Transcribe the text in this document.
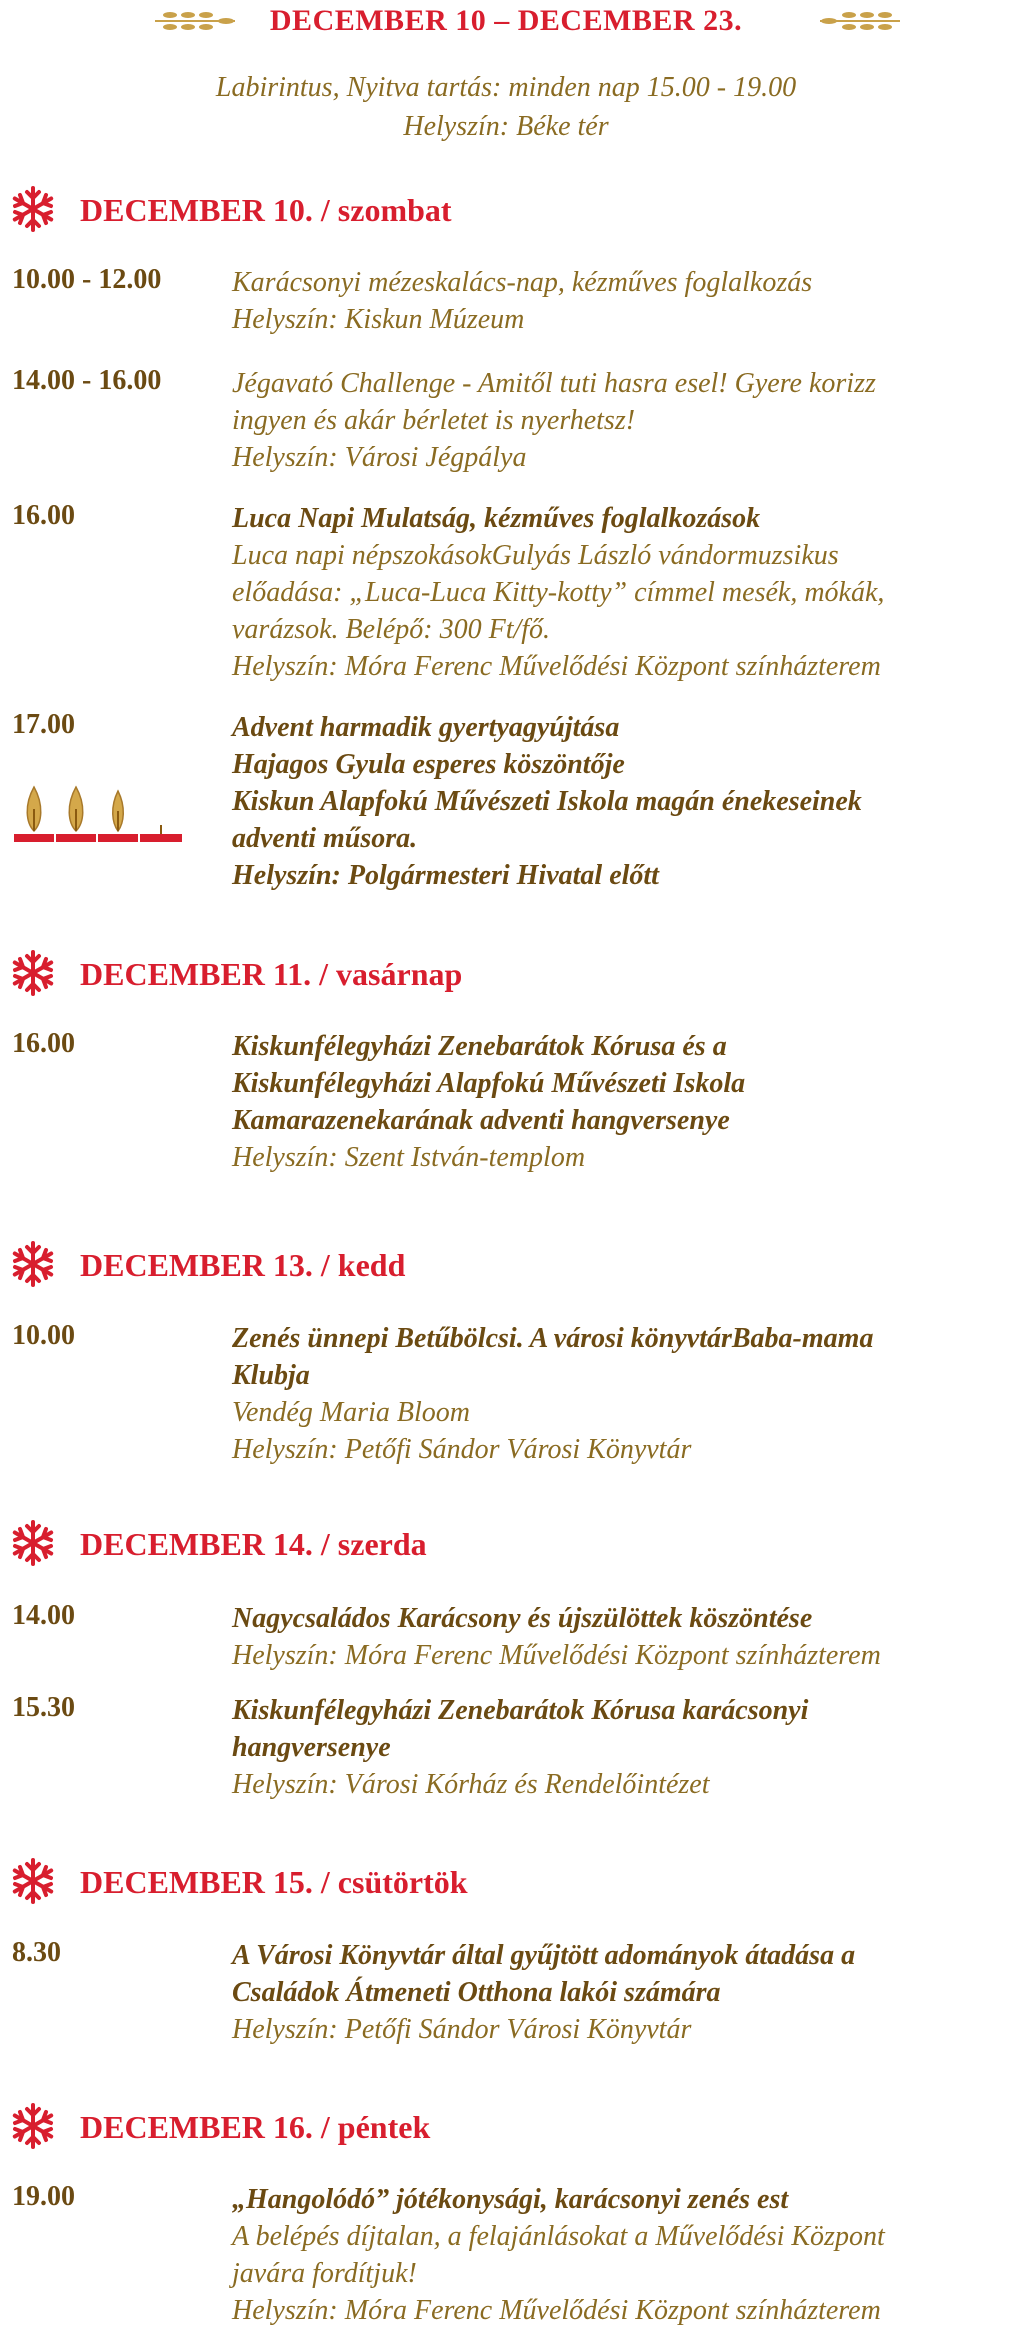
DECEMBER 10 – DECEMBER 23.
Labirintus, Nyitva tartás: minden nap 15.00 - 19.00
Helyszín: Béke tér
DECEMBER 10. / szombat
10.00 - 12.00	Karácsonyi mézeskalács-nap, kézműves foglalkozás
Helyszín: Kiskun Múzeum
14.00 - 16.00	Jégavató Challenge - Amitől tuti hasra esel! Gyere korizz
ingyen és akár bérletet is nyerhetsz!
Helyszín: Városi Jégpálya
16.00	Luca Napi Mulatság, kézműves foglalkozások
Luca napi népszokásokGulyás László vándormuzsikus
előadása: „Luca-Luca Kitty-kotty” címmel mesék, mókák,
varázsok. Belépő: 300 Ft/fő.
Helyszín: Móra Ferenc Művelődési Központ színházterem
17.00	Advent harmadik gyertyagyújtása
Hajagos Gyula esperes köszöntője
Kiskun Alapfokú Művészeti Iskola magán énekeseinek
adventi műsora.
Helyszín: Polgármesteri Hivatal előtt
DECEMBER 11. / vasárnap
16.00	Kiskunfélegyházi Zenebarátok Kórusa és a
Kiskunfélegyházi Alapfokú Művészeti Iskola
Kamarazenekarának adventi hangversenye
Helyszín: Szent István-templom
DECEMBER 13. / kedd
10.00	Zenés ünnepi Betűbölcsi. A városi könyvtárBaba-mama
Klubja
Vendég Maria Bloom
Helyszín: Petőfi Sándor Városi Könyvtár
DECEMBER 14. / szerda
14.00	Nagycsaládos Karácsony és újszülöttek köszöntése
Helyszín: Móra Ferenc Művelődési Központ színházterem
15.30	Kiskunfélegyházi Zenebarátok Kórusa karácsonyi
hangversenye
Helyszín: Városi Kórház és Rendelőintézet
DECEMBER 15. / csütörtök
8.30	A Városi Könyvtár által gyűjtött adományok átadása a
Családok Átmeneti Otthona lakói számára
Helyszín: Petőfi Sándor Városi Könyvtár
DECEMBER 16. / péntek
19.00	„Hangolódó” jótékonysági, karácsonyi zenés est
A belépés díjtalan, a felajánlásokat a Művelődési Központ
javára fordítjuk!
Helyszín: Móra Ferenc Művelődési Központ színházterem
